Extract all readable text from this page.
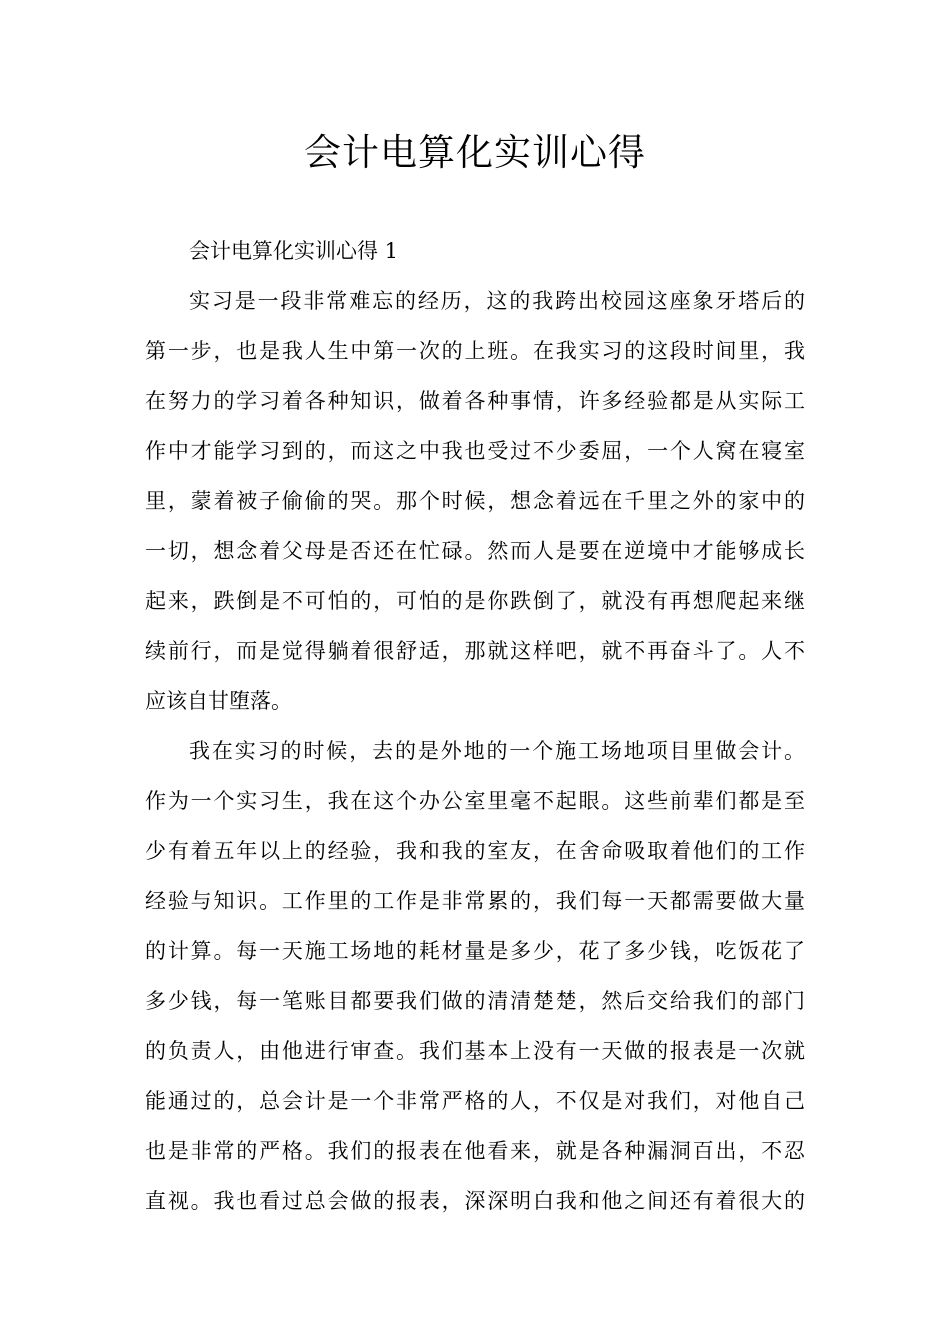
会计电算化实训心得

会计电算化实训心得 1

实习是一段非常难忘的经历，这的我跨出校园这座象牙塔后的

第一步，也是我人生中第一次的上班。在我实习的这段时间里，我

在努力的学习着各种知识，做着各种事情，许多经验都是从实际工

作中才能学习到的，而这之中我也受过不少委屈，一个人窝在寝室

里，蒙着被子偷偷的哭。那个时候，想念着远在千里之外的家中的

一切，想念着父母是否还在忙碌。然而人是要在逆境中才能够成长

起来，跌倒是不可怕的，可怕的是你跌倒了，就没有再想爬起来继

续前行，而是觉得躺着很舒适，那就这样吧，就不再奋斗了。人不

应该自甘堕落。

我在实习的时候，去的是外地的一个施工场地项目里做会计。

作为一个实习生，我在这个办公室里毫不起眼。这些前辈们都是至

少有着五年以上的经验，我和我的室友，在舍命吸取着他们的工作

经验与知识。工作里的工作是非常累的，我们每一天都需要做大量

的计算。每一天施工场地的耗材量是多少，花了多少钱，吃饭花了

多少钱，每一笔账目都要我们做的清清楚楚，然后交给我们的部门

的负责人，由他进行审查。我们基本上没有一天做的报表是一次就

能通过的，总会计是一个非常严格的人，不仅是对我们，对他自己

也是非常的严格。我们的报表在他看来，就是各种漏洞百出，不忍

直视。我也看过总会做的报表，深深明白我和他之间还有着很大的
